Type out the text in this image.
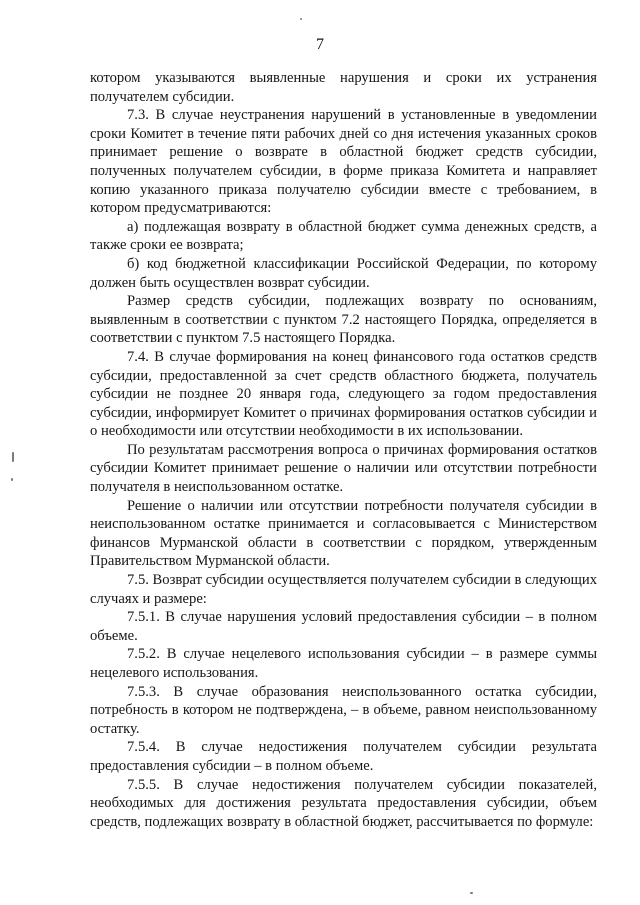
7

котором указываются выявленные нарушения и сроки их устранения получателем субсидии.

7.3. В случае неустранения нарушений в установленные в уведомлении сроки Комитет в течение пяти рабочих дней со дня истечения указанных сроков принимает решение о возврате в областной бюджет средств субсидии, полученных получателем субсидии, в форме приказа Комитета и направляет копию указанного приказа получателю субсидии вместе с требованием, в котором предусматриваются:

а) подлежащая возврату в областной бюджет сумма денежных средств, а также сроки ее возврата;

б) код бюджетной классификации Российской Федерации, по которому должен быть осуществлен возврат субсидии.

Размер средств субсидии, подлежащих возврату по основаниям, выявленным в соответствии с пунктом 7.2 настоящего Порядка, определяется в соответствии с пунктом 7.5 настоящего Порядка.

7.4. В случае формирования на конец финансового года остатков средств субсидии, предоставленной за счет средств областного бюджета, получатель субсидии не позднее 20 января года, следующего за годом предоставления субсидии, информирует Комитет о причинах формирования остатков субсидии и о необходимости или отсутствии необходимости в их использовании.

По результатам рассмотрения вопроса о причинах формирования остатков субсидии Комитет принимает решение о наличии или отсутствии потребности получателя в неиспользованном остатке.

Решение о наличии или отсутствии потребности получателя субсидии в неиспользованном остатке принимается и согласовывается с Министерством финансов Мурманской области в соответствии с порядком, утвержденным Правительством Мурманской области.

7.5. Возврат субсидии осуществляется получателем субсидии в следующих случаях и размере:

7.5.1. В случае нарушения условий предоставления субсидии – в полном объеме.

7.5.2. В случае нецелевого использования субсидии – в размере суммы нецелевого использования.

7.5.3. В случае образования неиспользованного остатка субсидии, потребность в котором не подтверждена, – в объеме, равном неиспользованному остатку.

7.5.4. В случае недостижения получателем субсидии результата предоставления субсидии – в полном объеме.

7.5.5. В случае недостижения получателем субсидии показателей, необходимых для достижения результата предоставления субсидии, объем средств, подлежащих возврату в областной бюджет, рассчитывается по формуле:
